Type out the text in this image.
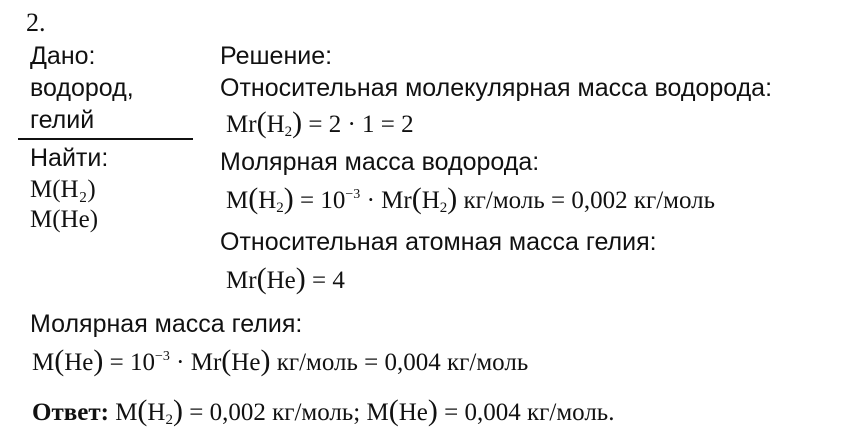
2.
Дано:
водород,
гелий
Найти:
M(H₂)
M(He)
Решение:
Относительная молекулярная масса водорода:
$Mr(H_2) = 2 \cdot 1 = 2$
Молярная масса водорода:
$M(H_2) = 10^{-3} \cdot Mr(H_2)$ кг/моль = 0,002 кг/моль
Относительная атомная масса гелия:
Mr(He) = 4
Молярная масса гелия:
$M(He) = 10^{-3} \cdot Mr(He)$ кг/моль = 0,004 кг/моль
Ответ: $M(H_2) = 0,002$ кг/моль; M(He) = 0,004 кг/моль.
